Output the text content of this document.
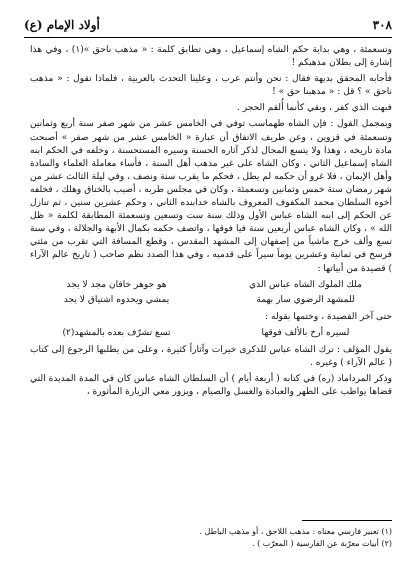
٣٠٨
أولاد الإمام (ع)

وتسعمئة ، وهي بداية حكم الشاه إسماعيل ، وهي تطابق كلمة : « مذهب ناحق »(١) ، وفي هذا إشارة إلى بطلان مذهبكم !

فأجابه المحقق بديهة فقال : نحن وأنتم عرب ، وعلينا التحدث بالعربية ، فلماذا تقول : « مذهب ناحق » ؟ قل : « مذهبنا حق » !

فبهت الذي كفر ، وبقي كأنما أُلقم الحجر .

وبمجمل القول : فإن الشاه طهماسب توفي في الخامس عشر من شهر صفر سنة أربع وثمانين وتسعمئة في قزوين ، وعن طريف الاتفاق أن عبارة « الخامس عشر من شهر صفر » أصبحت مادة تاريخه ، وهذا ولا يتسع المجال لذكر آثاره الحسنة وسيره المستحسنة ، وخلفه في الحكم ابنه الشاه إسماعيل الثاني ، وكان الشاه على غير مذهب أهل السنة ، فأساء معاملة العلماء والسادة وأهل الإيمان ، فلا غرو أن حكمه لم يطل ، فحكم ما يقرب سنة ونصف ، وفي ليلة الثالث عشر من شهر رمضان سنة خمس وثمانين وتسعمئة ، وكان في مجلس طربه ، أصيب بالخناق وهلك ، فخلفه أخوه السلطان محمد المكفوف المعروف بالشاه خدابنده الثاني ، وحكم عشرين سنين ، ثم تنازل عن الحكم إلى ابنه الشاه عباس الأول وذلك سنة ست وتسعين وتسعمئة المطابقة لكلمة « ظل الله » ، وكان الشاه عباس أربعين سنة فيا فوقها ، واتصف حكمه بكمال الأبهة والجلالة ، وفي سنة تسع وألف خرج ماشياً من إصفهان إلى المشهد المقدس ، وقطع المسافة التي تقرب من مئتي فرسخ في ثمانية وعشرين يوماً سيراً على قدميه ، وفي هذا الصدد نظم صاحب ( تاريخ عالم الآراء ) قصيدة من أبياتها :

ملك الملوك الشاه عباس الذي
هو جوهر خاقان مجد لا يجد
للمشهد الرضوي سار بهمة
يمشي ويحدوه اشتياق لا يجد

حتى آخر القصيدة ، وختمها بقوله :

لسيره أرخ بالألف فوقها
تسع تشرّف بعده بالمشهد(٢)

يقول المؤلف : ترك الشاه عباس للذكرى خيرات وآثاراً كثيرة ، وعلى من يطلبها الرجوع إلى كتاب ( عالم الآراء ) وغيره .

وذكر المرداماد (ره) في كتابه ( أربعة أيام ) أن السلطان الشاه عباس كان في المدة المديدة التي قضاها يواظب على الطهر والعبادة والغسل والصيام ، ويزور معي الزيارة المأثورة ،

(١) تعبير فارسي معناه : مذهب اللاحق ، أو مذهب الباطل .
(٢) أبيات معرّبة عن الفارسية ( المعرّب ) .
